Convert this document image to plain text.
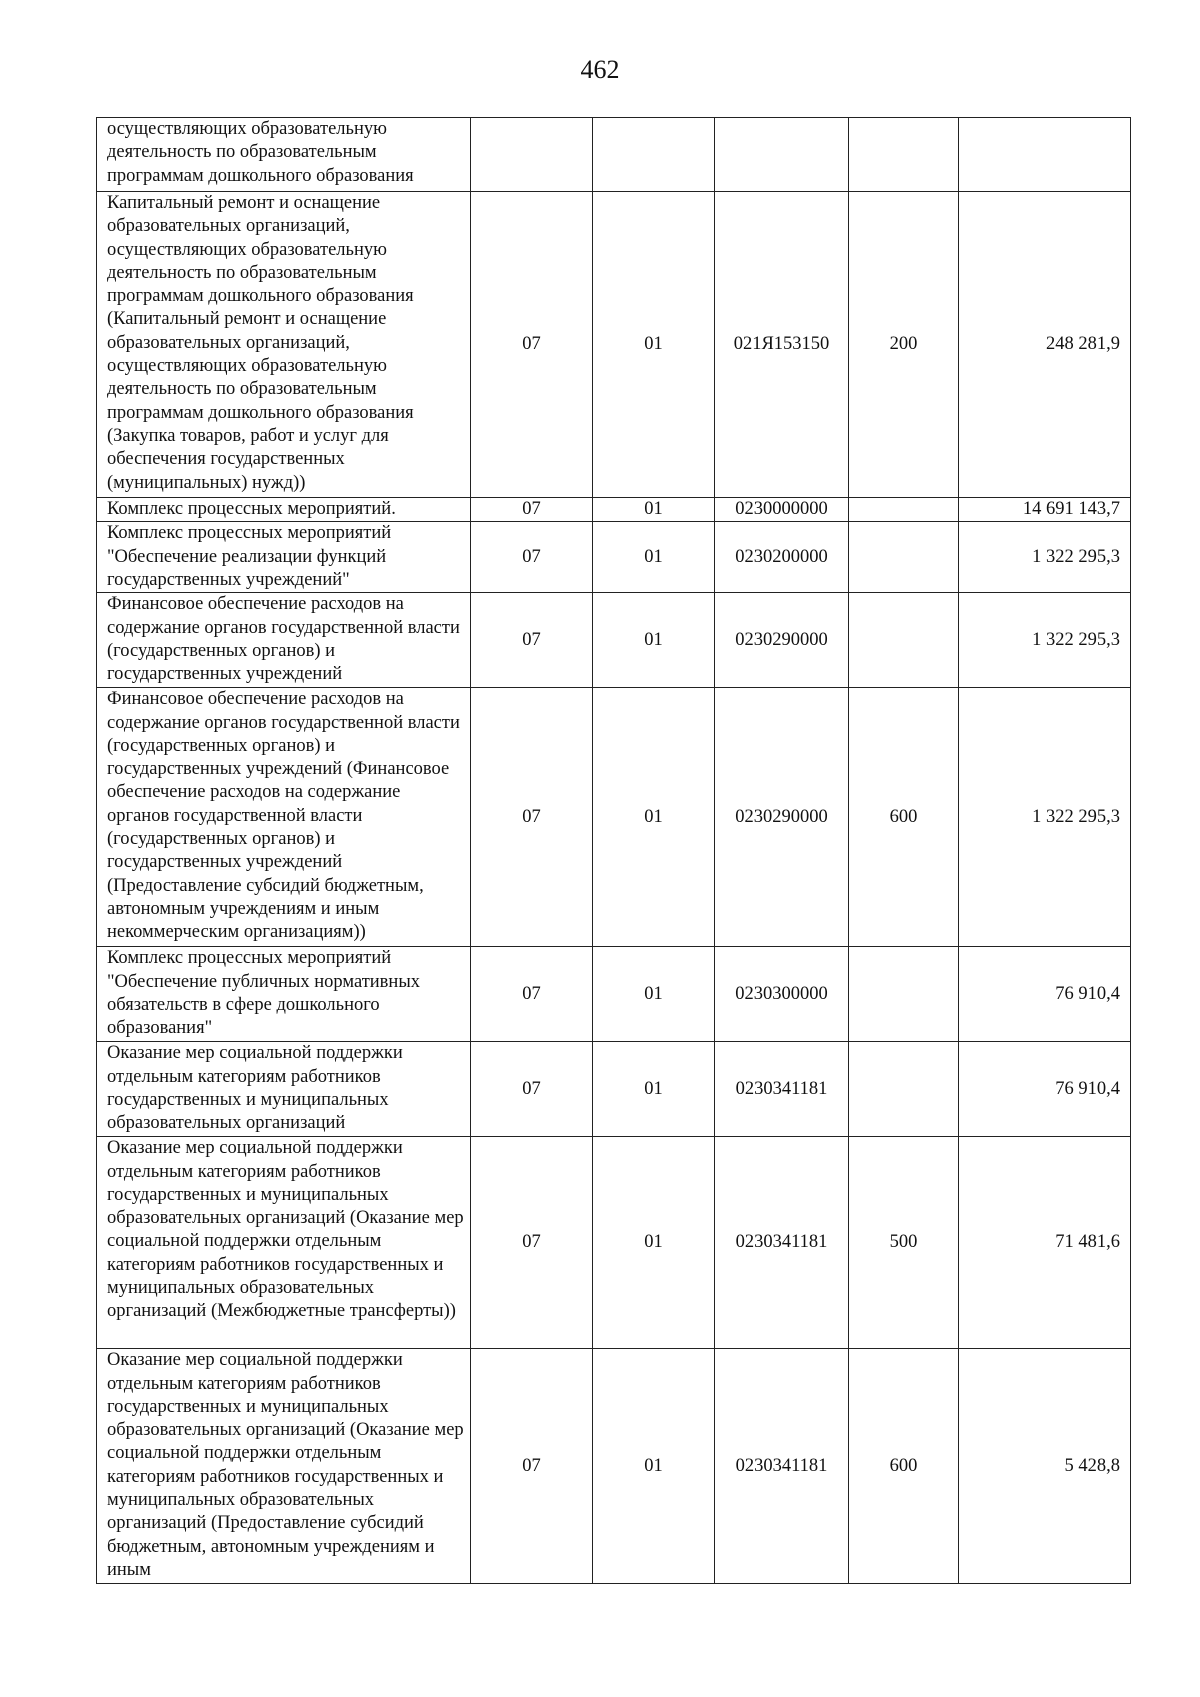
462
осуществляющих образовательную деятельность по образовательным программам дошкольного образования					
Капитальный ремонт и оснащение образовательных организаций, осуществляющих образовательную деятельность по образовательным программам дошкольного образования (Капитальный ремонт и оснащение образовательных организаций, осуществляющих образовательную деятельность по образовательным программам дошкольного образования (Закупка товаров, работ и услуг для обеспечения государственных (муниципальных) нужд))	07	01	021Я153150	200	248 281,9
Комплекс процессных мероприятий.	07	01	0230000000		14 691 143,7
Комплекс процессных мероприятий "Обеспечение реализации функций государственных учреждений"	07	01	0230200000		1 322 295,3
Финансовое обеспечение расходов на содержание органов государственной власти (государственных органов) и государственных учреждений	07	01	0230290000		1 322 295,3
Финансовое обеспечение расходов на содержание органов государственной власти (государственных органов) и государственных учреждений (Финансовое обеспечение расходов на содержание органов государственной власти (государственных органов) и государственных учреждений (Предоставление субсидий бюджетным, автономным учреждениям и иным некоммерческим организациям))	07	01	0230290000	600	1 322 295,3
Комплекс процессных мероприятий "Обеспечение публичных нормативных обязательств в сфере дошкольного образования"	07	01	0230300000		76 910,4
Оказание мер социальной поддержки отдельным категориям работников государственных и муниципальных образовательных организаций	07	01	0230341181		76 910,4
Оказание мер социальной поддержки отдельным категориям работников государственных и муниципальных образовательных организаций (Оказание мер социальной поддержки отдельным категориям работников государственных и муниципальных образовательных организаций (Межбюджетные трансферты))	07	01	0230341181	500	71 481,6
Оказание мер социальной поддержки отдельным категориям работников государственных и муниципальных образовательных организаций (Оказание мер социальной поддержки отдельным категориям работников государственных и муниципальных образовательных организаций (Предоставление субсидий бюджетным, автономным учреждениям и иным	07	01	0230341181	600	5 428,8
